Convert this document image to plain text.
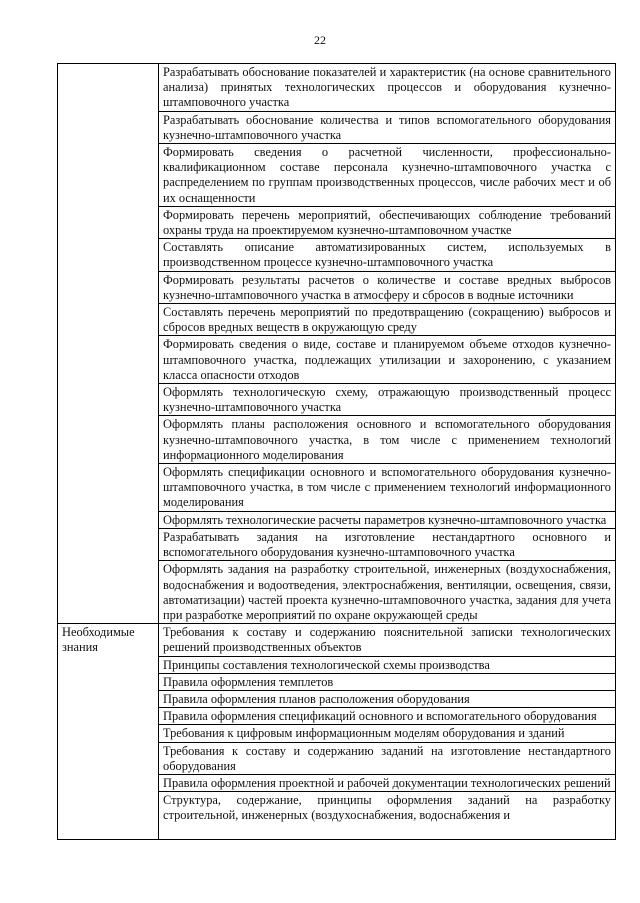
22

	Разрабатывать обоснование показателей и характеристик (на основе сравнительного анализа) принятых технологических процессов и оборудования кузнечно-штамповочного участка

	Разрабатывать обоснование количества и типов вспомогательного оборудования кузнечно-штамповочного участка

	Формировать сведения о расчетной численности, профессионально-квалификационном составе персонала кузнечно-штамповочного участка с распределением по группам производственных процессов, числе рабочих мест и об их оснащенности

	Формировать перечень мероприятий, обеспечивающих соблюдение требований охраны труда на проектируемом кузнечно-штамповочном участке

	Составлять описание автоматизированных систем, используемых в производственном процессе кузнечно-штамповочного участка

	Формировать результаты расчетов о количестве и составе вредных выбросов кузнечно-штамповочного участка в атмосферу и сбросов в водные источники

	Составлять перечень мероприятий по предотвращению (сокращению) выбросов и сбросов вредных веществ в окружающую среду

	Формировать сведения о виде, составе и планируемом объеме отходов кузнечно-штамповочного участка, подлежащих утилизации и захоронению, с указанием класса опасности отходов

	Оформлять технологическую схему, отражающую производственный процесс кузнечно-штамповочного участка

	Оформлять планы расположения основного и вспомогательного оборудования кузнечно-штамповочного участка, в том числе с применением технологий информационного моделирования

	Оформлять спецификации основного и вспомогательного оборудования кузнечно-штамповочного участка, в том числе с применением технологий информационного моделирования

	Оформлять технологические расчеты параметров кузнечно-штамповочного участка

	Разрабатывать задания на изготовление нестандартного основного и вспомогательного оборудования кузнечно-штамповочного участка

	Оформлять задания на разработку строительной, инженерных (воздухоснабжения, водоснабжения и водоотведения, электроснабжения, вентиляции, освещения, связи, автоматизации) частей проекта кузнечно-штамповочного участка, задания для учета при разработке мероприятий по охране окружающей среды

Необходимые знания	Требования к составу и содержанию пояснительной записки технологических решений производственных объектов

	Принципы составления технологической схемы производства

	Правила оформления темплетов

	Правила оформления планов расположения оборудования

	Правила оформления спецификаций основного и вспомогательного оборудования

	Требования к цифровым информационным моделям оборудования и зданий

	Требования к составу и содержанию заданий на изготовление нестандартного оборудования

	Правила оформления проектной и рабочей документации технологических решений

	Структура, содержание, принципы оформления заданий на разработку строительной, инженерных (воздухоснабжения, водоснабжения и
